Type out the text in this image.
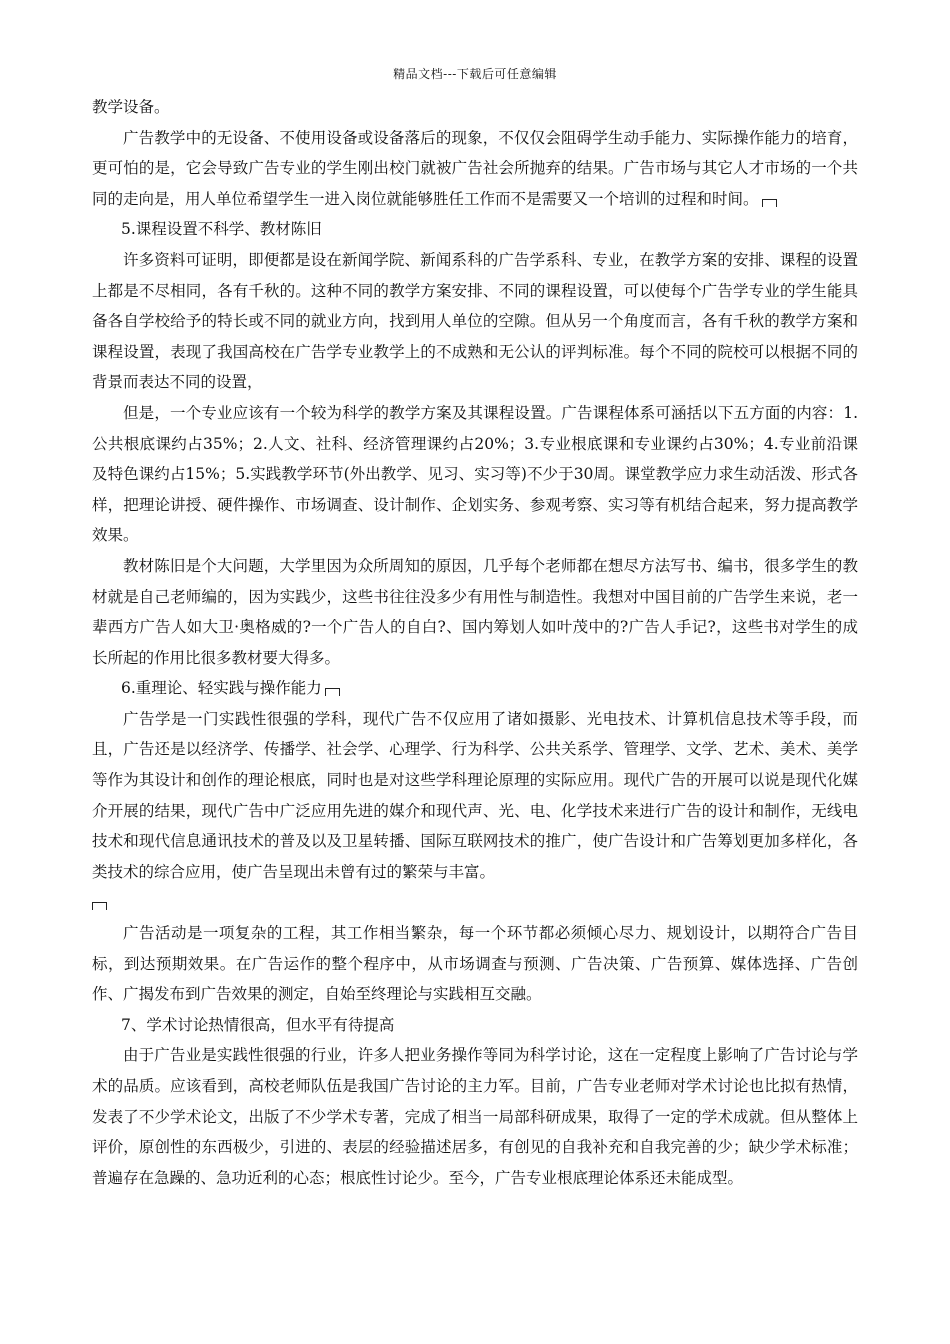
精品文档---下载后可任意编辑

教学设备。

广告教学中的无设备、不使用设备或设备落后的现象，不仅仅会阻碍学生动手能力、实际操作能力的培育，更可怕的是，它会导致广告专业的学生刚出校门就被广告社会所抛弃的结果。广告市场与其它人才市场的一个共同的走向是，用人单位希望学生一进入岗位就能够胜任工作而不是需要又一个培训的过程和时间。

5.课程设置不科学、教材陈旧

许多资料可证明，即便都是设在新闻学院、新闻系科的广告学系科、专业，在教学方案的安排、课程的设置上都是不尽相同，各有千秋的。这种不同的教学方案安排、不同的课程设置，可以使每个广告学专业的学生能具备各自学校给予的特长或不同的就业方向，找到用人单位的空隙。但从另一个角度而言，各有千秋的教学方案和课程设置，表现了我国高校在广告学专业教学上的不成熟和无公认的评判标准。每个不同的院校可以根据不同的背景而表达不同的设置，

但是，一个专业应该有一个较为科学的教学方案及其课程设置。广告课程体系可涵括以下五方面的内容：1.公共根底课约占35%；2.人文、社科、经济管理课约占20%；3.专业根底课和专业课约占30%；4.专业前沿课及特色课约占15%；5.实践教学环节(外出教学、见习、实习等)不少于30周。课堂教学应力求生动活泼、形式各样，把理论讲授、硬件操作、市场调查、设计制作、企划实务、参观考察、实习等有机结合起来，努力提高教学效果。

教材陈旧是个大问题，大学里因为众所周知的原因，几乎每个老师都在想尽方法写书、编书，很多学生的教材就是自己老师编的，因为实践少，这些书往往没多少有用性与制造性。我想对中国目前的广告学生来说，老一辈西方广告人如大卫·奥格威的?一个广告人的自白?、国内筹划人如叶茂中的?广告人手记?，这些书对学生的成长所起的作用比很多教材要大得多。

6.重理论、轻实践与操作能力

广告学是一门实践性很强的学科，现代广告不仅应用了诸如摄影、光电技术、计算机信息技术等手段，而且，广告还是以经济学、传播学、社会学、心理学、行为科学、公共关系学、管理学、文学、艺术、美术、美学等作为其设计和创作的理论根底，同时也是对这些学科理论原理的实际应用。现代广告的开展可以说是现代化媒介开展的结果，现代广告中广泛应用先进的媒介和现代声、光、电、化学技术来进行广告的设计和制作，无线电技术和现代信息通讯技术的普及以及卫星转播、国际互联网技术的推广，使广告设计和广告筹划更加多样化，各类技术的综合应用，使广告呈现出未曾有过的繁荣与丰富。

广告活动是一项复杂的工程，其工作相当繁杂，每一个环节都必须倾心尽力、规划设计，以期符合广告目标，到达预期效果。在广告运作的整个程序中，从市场调查与预测、广告决策、广告预算、媒体选择、广告创作、广揭发布到广告效果的测定，自始至终理论与实践相互交融。

7、学术讨论热情很高，但水平有待提高

由于广告业是实践性很强的行业，许多人把业务操作等同为科学讨论，这在一定程度上影响了广告讨论与学术的品质。应该看到，高校老师队伍是我国广告讨论的主力军。目前，广告专业老师对学术讨论也比拟有热情，发表了不少学术论文，出版了不少学术专著，完成了相当一局部科研成果，取得了一定的学术成就。但从整体上评价，原创性的东西极少，引进的、表层的经验描述居多，有创见的自我补充和自我完善的少；缺少学术标准；普遍存在急躁的、急功近利的心态；根底性讨论少。至今，广告专业根底理论体系还未能成型。
